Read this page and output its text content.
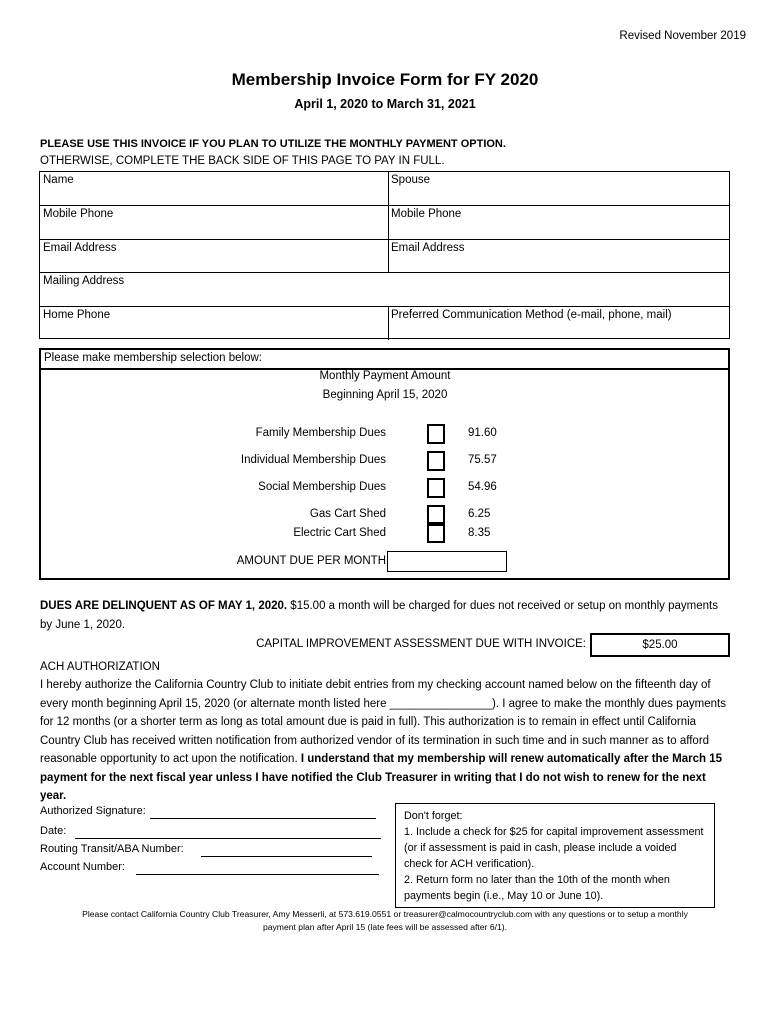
Revised November 2019
Membership Invoice Form for FY 2020
April 1, 2020 to March 31, 2021
PLEASE USE THIS INVOICE IF YOU PLAN TO UTILIZE THE MONTHLY PAYMENT OPTION.
OTHERWISE, COMPLETE THE BACK SIDE OF THIS PAGE TO PAY IN FULL.
Name	Spouse
Mobile Phone	Mobile Phone
Email Address	Email Address
Mailing Address
Home Phone	Preferred Communication Method (e-mail, phone, mail)
Please make membership selection below:
Monthly Payment Amount
Beginning April 15, 2020
Family Membership Dues	91.60
Individual Membership Dues	75.57
Social Membership Dues	54.96
Gas Cart Shed	6.25
Electric Cart Shed	8.35
AMOUNT DUE PER MONTH
DUES ARE DELINQUENT AS OF MAY 1, 2020. $15.00 a month will be charged for dues not received or setup on monthly payments by June 1, 2020.
CAPITAL IMPROVEMENT ASSESSMENT DUE WITH INVOICE:	$25.00
ACH AUTHORIZATION
I hereby authorize the California Country Club to initiate debit entries from my checking account named below on the fifteenth day of every month beginning April 15, 2020 (or alternate month listed here ________________). I agree to make the monthly dues payments for 12 months (or a shorter term as long as total amount due is paid in full). This authorization is to remain in effect until California Country Club has received written notification from authorized vendor of its termination in such time and in such manner as to afford reasonable opportunity to act upon the notification. I understand that my membership will renew automatically after the March 15 payment for the next fiscal year unless I have notified the Club Treasurer in writing that I do not wish to renew for the next year.
Authorized Signature:
Date:
Routing Transit/ABA Number:
Account Number:
Don't forget:
1. Include a check for $25 for capital improvement assessment (or if assessment is paid in cash, please include a voided check for ACH verification).
2. Return form no later than the 10th of the month when payments begin (i.e., May 10 or June 10).
Please contact California Country Club Treasurer, Amy Messerli, at 573.619.0551 or treasurer@calmocountryclub.com with any questions or to setup a monthly
payment plan after April 15 (late fees will be assessed after 6/1).
